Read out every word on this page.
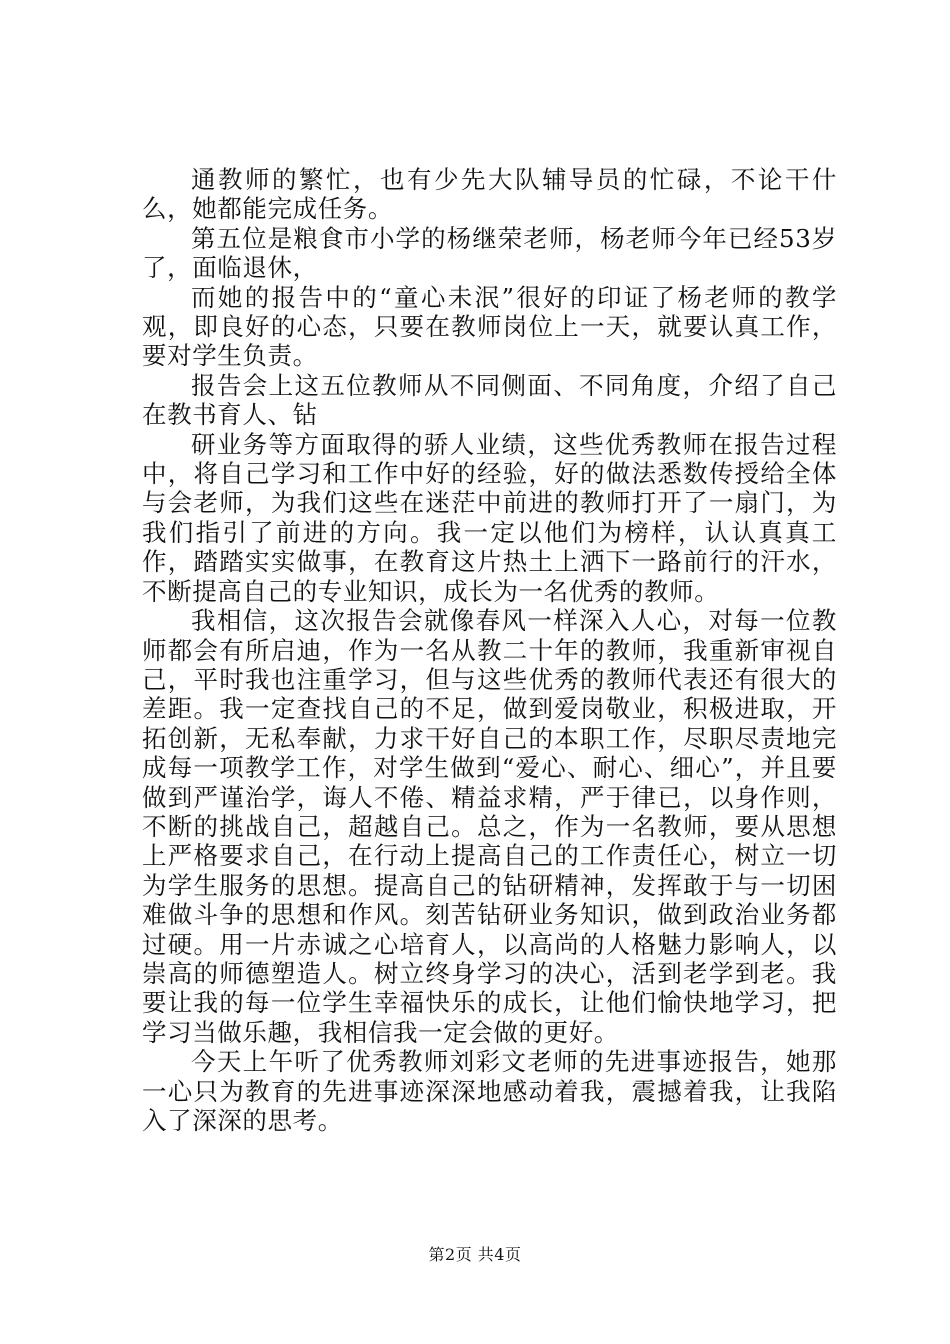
通教师的繁忙，也有少先大队辅导员的忙碌，不论干什么，她都能完成任务。

第五位是粮食市小学的杨继荣老师，杨老师今年已经53岁了，面临退休，

而她的报告中的“童心未泯”很好的印证了杨老师的教学观，即良好的心态，只要在教师岗位上一天，就要认真工作，要对学生负责。

报告会上这五位教师从不同侧面、不同角度，介绍了自己在教书育人、钻

研业务等方面取得的骄人业绩，这些优秀教师在报告过程中，将自己学习和工作中好的经验，好的做法悉数传授给全体与会老师，为我们这些在迷茫中前进的教师打开了一扇门，为我们指引了前进的方向。我一定以他们为榜样，认认真真工作，踏踏实实做事，在教育这片热土上洒下一路前行的汗水，不断提高自己的专业知识，成长为一名优秀的教师。

我相信，这次报告会就像春风一样深入人心，对每一位教师都会有所启迪，作为一名从教二十年的教师，我重新审视自己，平时我也注重学习，但与这些优秀的教师代表还有很大的差距。我一定查找自己的不足，做到爱岗敬业，积极进取，开拓创新，无私奉献，力求干好自己的本职工作，尽职尽责地完成每一项教学工作，对学生做到“爱心、耐心、细心”，并且要做到严谨治学，诲人不倦、精益求精，严于律已，以身作则，不断的挑战自己，超越自己。总之，作为一名教师，要从思想上严格要求自己，在行动上提高自己的工作责任心，树立一切为学生服务的思想。提高自己的钻研精神，发挥敢于与一切困难做斗争的思想和作风。刻苦钻研业务知识，做到政治业务都过硬。用一片赤诚之心培育人，以高尚的人格魅力影响人，以崇高的师德塑造人。树立终身学习的决心，活到老学到老。我要让我的每一位学生幸福快乐的成长，让他们愉快地学习，把学习当做乐趣，我相信我一定会做的更好。

今天上午听了优秀教师刘彩文老师的先进事迹报告，她那一心只为教育的先进事迹深深地感动着我，震撼着我，让我陷入了深深的思考。

第2页 共4页
